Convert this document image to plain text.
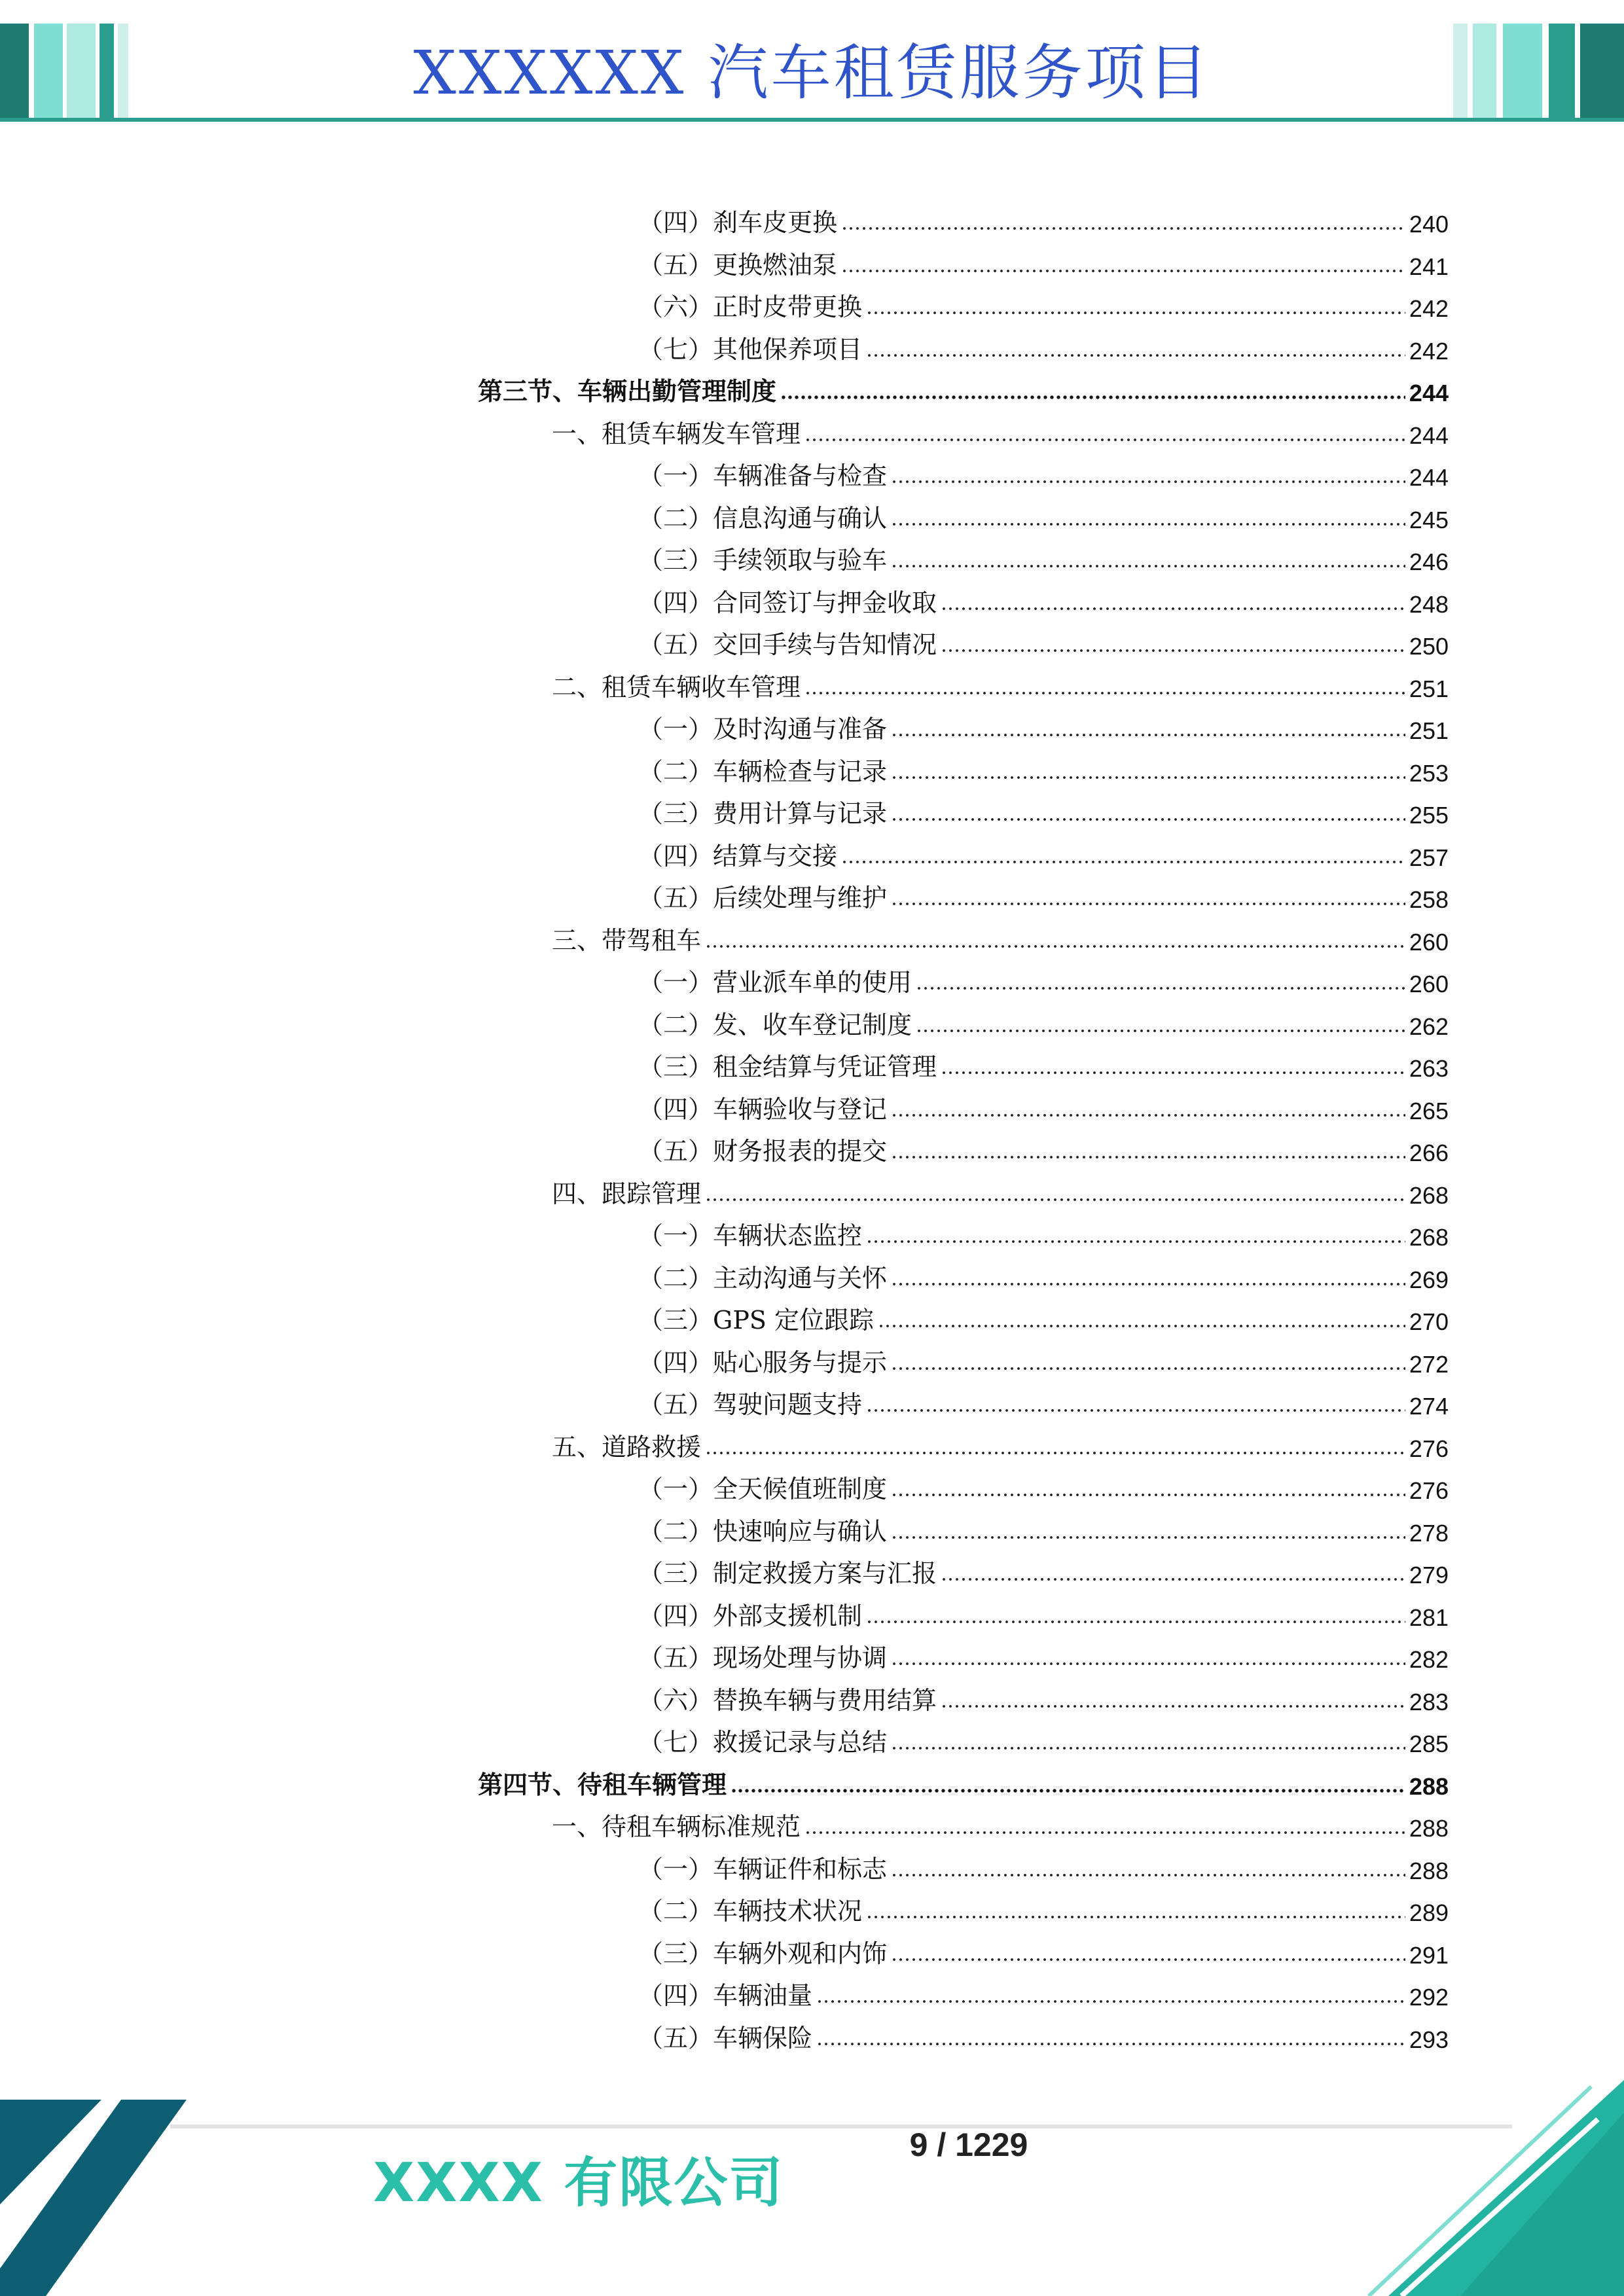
XXXXXX 汽车租赁服务项目
（四）刹车皮更换	240
（五）更换燃油泵	241
（六）正时皮带更换	242
（七）其他保养项目	242
第三节、车辆出勤管理制度	244
一、租赁车辆发车管理	244
（一）车辆准备与检查	244
（二）信息沟通与确认	245
（三）手续领取与验车	246
（四）合同签订与押金收取	248
（五）交回手续与告知情况	250
二、租赁车辆收车管理	251
（一）及时沟通与准备	251
（二）车辆检查与记录	253
（三）费用计算与记录	255
（四）结算与交接	257
（五）后续处理与维护	258
三、带驾租车	260
（一）营业派车单的使用	260
（二）发、收车登记制度	262
（三）租金结算与凭证管理	263
（四）车辆验收与登记	265
（五）财务报表的提交	266
四、跟踪管理	268
（一）车辆状态监控	268
（二）主动沟通与关怀	269
（三）GPS 定位跟踪	270
（四）贴心服务与提示	272
（五）驾驶问题支持	274
五、道路救援	276
（一）全天候值班制度	276
（二）快速响应与确认	278
（三）制定救援方案与汇报	279
（四）外部支援机制	281
（五）现场处理与协调	282
（六）替换车辆与费用结算	283
（七）救援记录与总结	285
第四节、待租车辆管理	288
一、待租车辆标准规范	288
（一）车辆证件和标志	288
（二）车辆技术状况	289
（三）车辆外观和内饰	291
（四）车辆油量	292
（五）车辆保险	293
9 / 1229
XXXX 有限公司
